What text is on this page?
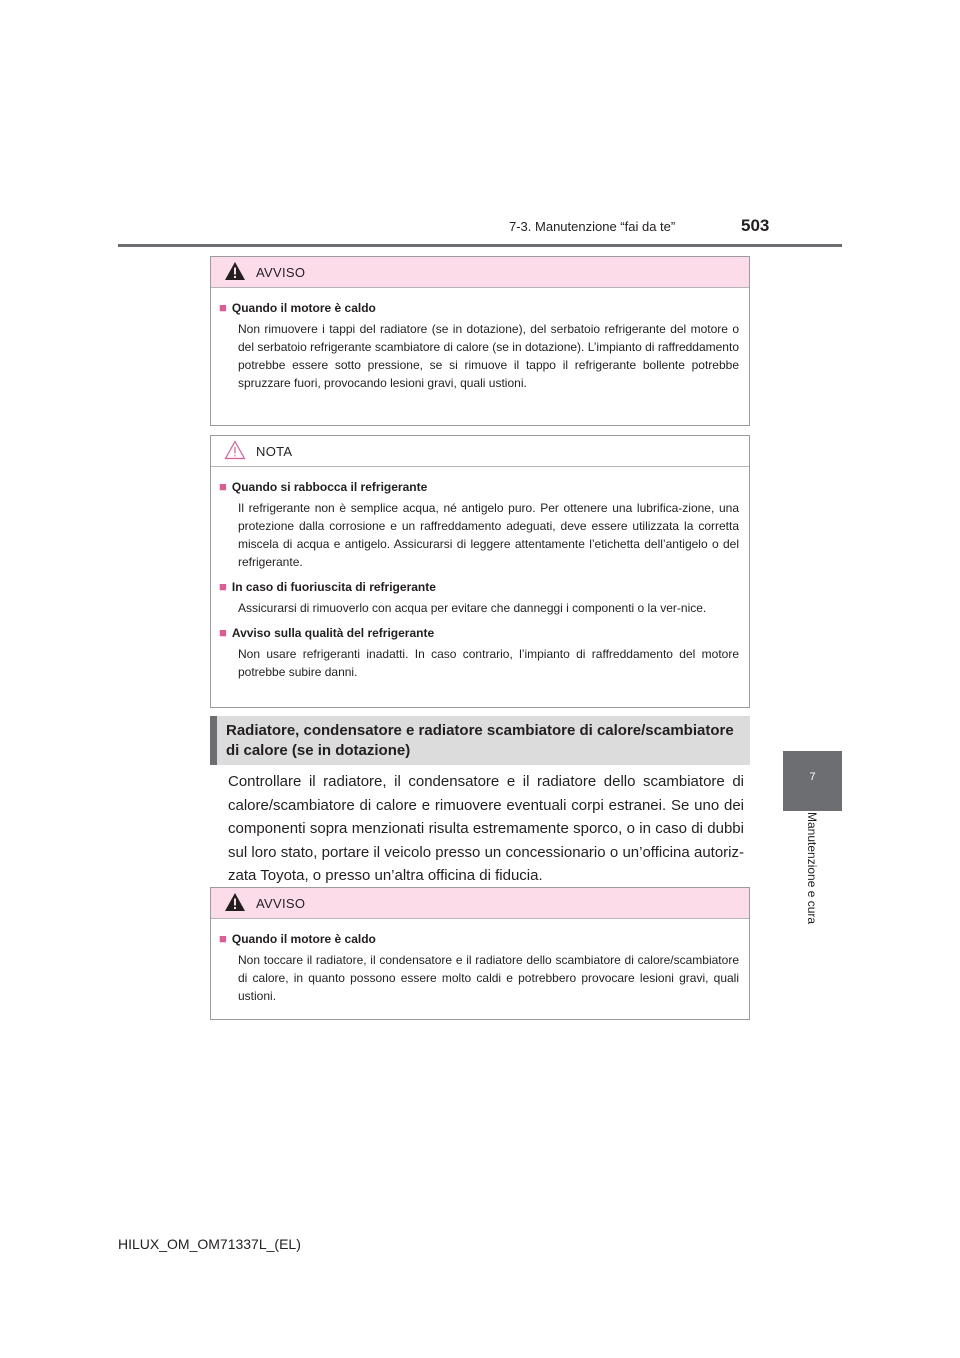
7-3. Manutenzione “fai da te”	503
7
Manutenzione e cura
AVVISO
■ Quando il motore è caldo
Non rimuovere i tappi del radiatore (se in dotazione), del serbatoio refrigerante del motore o del serbatoio refrigerante scambiatore di calore (se in dotazione). L’impianto di raffreddamento potrebbe essere sotto pressione, se si rimuove il tappo il refrigerante bollente potrebbe spruzzare fuori, provocando lesioni gravi, quali ustioni.
NOTA
■ Quando si rabbocca il refrigerante
Il refrigerante non è semplice acqua, né antigelo puro. Per ottenere una lubrifica-zione, una protezione dalla corrosione e un raffreddamento adeguati, deve essere utilizzata la corretta miscela di acqua e antigelo. Assicurarsi di leggere attentamente l’etichetta dell’antigelo o del refrigerante.
■ In caso di fuoriuscita di refrigerante
Assicurarsi di rimuoverlo con acqua per evitare che danneggi i componenti o la ver-nice.
■ Avviso sulla qualità del refrigerante
Non usare refrigeranti inadatti. In caso contrario, l’impianto di raffreddamento del motore potrebbe subire danni.
Radiatore, condensatore e radiatore scambiatore di calore/scambiatore di calore (se in dotazione)
Controllare il radiatore, il condensatore e il radiatore dello scambiatore di calore/scambiatore di calore e rimuovere eventuali corpi estranei. Se uno dei componenti sopra menzionati risulta estremamente sporco, o in caso di dubbi sul loro stato, portare il veicolo presso un concessionario o un’officina autoriz-zata Toyota, o presso un’altra officina di fiducia.
AVVISO
■ Quando il motore è caldo
Non toccare il radiatore, il condensatore e il radiatore dello scambiatore di calore/scambiatore di calore, in quanto possono essere molto caldi e potrebbero provocare lesioni gravi, quali ustioni.
HILUX_OM_OM71337L_(EL)
